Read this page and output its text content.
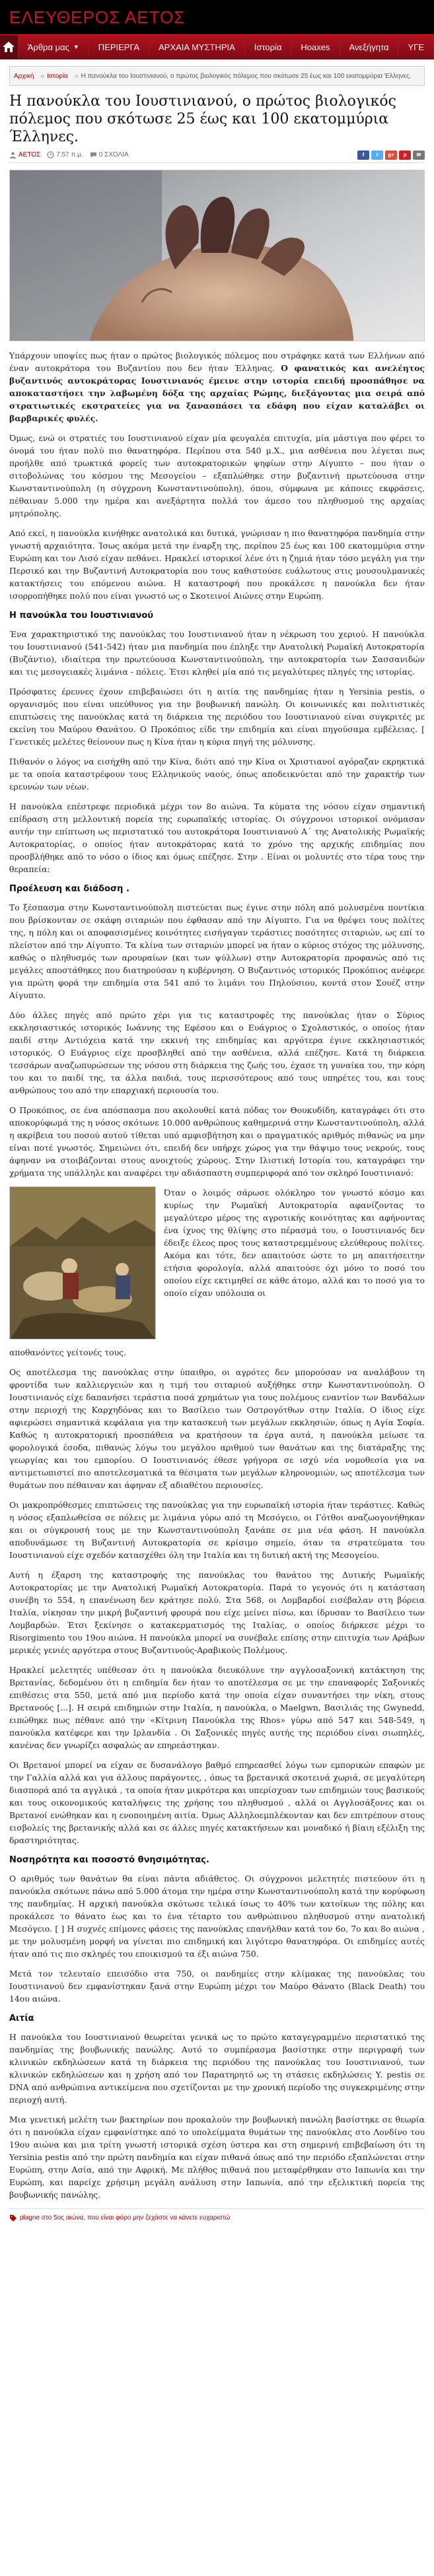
ΕΛΕΥΘΕΡΟΣ ΑΕΤΟΣ
Άρθρα μας ▼ ΠΕΡΙΕΡΓΑ ΑΡΧΑΙΑ ΜΥΣΤΗΡΙΑ Ιστορία Hoaxes Ανεξήγητα ΥΓΕ
Αρχική » Ιστορία » Η πανούκλα του Ιουστινιανού, ο πρώτος βιολογικός πόλεμος που σκότωσε 25 έως και 100 εκατομμύρια Έλληνες.
Η πανούκλα του Ιουστινιανού, ο πρώτος βιολογικός πόλεμος που σκότωσε 25 έως και 100 εκατομμύρια Έλληνες.
ΑΕΤΟΣ 7:57 π.μ. 0 ΣΧΟΛΙΑ	f	t	g+	p	✉

Υπάρχουν υποψίες πως ήταν ο πρώτος βιολογικός πόλεμος που στράφηκε κατά των Ελλήνων από έναν αυτοκράτορα του Βυζαντίου που δεν ήταν Έλληνας. Ο φανατικός και ανελέητος βυζαντινός αυτοκράτορας Ιουστινιανός έμεινε στην ιστορία επειδή προσπάθησε να αποκαταστήσει την λαβωμένη δόξα της αρχαίας Ρώμης, διεξάγοντας μια σειρά από στρατιωτικές εκστρατείες για να ξανασπάσει τα εδάφη που είχαν καταλάβει οι βαρβαρικές φυλές.

Όμως, ενώ οι στρατιές του Ιουστινιανού είχαν μία φευγαλέα επιτυχία, μία μάστιγα που φέρει το όνομά του ήταν πολύ πιο θανατηφόρα. Περίπου στα 540 μ.Χ., μια ασθένεια που λέγεται πως προήλθε από τρωκτικά φορείς των αυτοκρατορικών ψηφίων στην Αίγυπτο – που ήταν ο σιτοβολώνας του κόσμου της Μεσογείου – εξαπλώθηκε στην βυζαντινή πρωτεύουσα στην Κωνσταντινούπολη (η σύγχρονη Κωνσταντινούπολη), όπου, σύμφωνα με κάποιες εκφράσεις, πέθαιναν 5.000 την ημέρα και ανεξάρτητα πολλά τον άμεσο του πληθυσμού της αρχαίας μητρόπολης.

Από εκεί, η πανούκλα κινήθηκε ανατολικά και δυτικά, γνώρισαν η πιο θανατηφόρα πανδημία στην γνωστή αρχαιότητα. Ίσως ακόμα μετά την έναρξη της, περίπου 25 έως και 100 εκατομμύρια στην Ευρώπη και τον Λισό είχαν πεθάνει. Ηρακλεί ιστορικοί λένε ότι η ζημιά ήταν τόσο μεγάλη για την Περσικό και την Βυζαντινή Αυτοκρατορία που τους καθιστούσε ευάλωτους στις μουσουλμανικές κατακτήσεις του επόμενου αιώνα. Η καταστροφή που προκάλεσε η πανούκλα δεν ήταν ισορροπήθηκε πολύ που είναι γνωστό ως ο Σκοτεινοί Αιώνες στην Ευρώπη.

Η πανούκλα του Ιουστινιανού

Ένα χαρακτηριστικό της πανούκλας του Ιουστινιανού ήταν η νέκρωση του χεριού. Η πανούκλα του Ιουστινιανού (541-542) ήταν μια πανδημία που έπληξε την Ανατολική Ρωμαϊκή Αυτοκρατορία (Βυζάντιο), ιδιαίτερα την πρωτεύουσα Κωνσταντινούπολη, την αυτοκρατορία των Σασσανιδών και τις μεσογειακές λιμάνια - πόλεις. Έτσι κληθεί μία από τις μεγαλύτερες πληγές της ιστορίας.

Πρόσφατες έρευνες έχουν επιβεβαιώσει ότι η αιτία της πανδημίας ήταν η Yersinia pestis, ο οργανισμός που είναι υπεύθυνος για την βουβωνική πανώλη. Οι κοινωνικές και πολιτιστικές επιπτώσεις της πανούκλας κατά τη διάρκεια της περιόδου του Ιουστινιανού είναι συγκριτές με εκείνη του Μαύρου Θανάτου. Ο Προκόπιος είδε την επιδημία και είναι πηγούσαμα εμβέλειας. [ Γενετικές μελέτες θείονουν πως η Κίνα ήταν η κύρια πηγή της μόλυνσης.

Πιθανόν ο λόγος να εισήχθη από την Κίνα, διότι από την Κίνα οι Χριστιανοί αγόραζαν εκρηκτικά με τα οποία καταστρέφουν τους Ελληνικούς ναούς, όπως αποδεικνύεται από την χαρακτήρ των ερευνών των νέων.

Η πανούκλα επέστρεφε περιοδικά μέχρι τον 8ο αιώνα. Τα κύματα της νόσου είχαν σημαντική επίδραση στη μελλοντική πορεία της ευρωπαϊκής ιστορίας. Οι σύγχρονοι ιστορικοί ονόμασαν αυτήν την επίπτωση ως περιστατικό του αυτοκράτορα Ιουστινιανού Α΄ της Ανατολικής Ρωμαϊκής Αυτοκρατορίας, ο οποίος ήταν αυτοκράτορας κατά το χρόνο της αρχικής επιδημίας που προσβλήθηκε από το νόσο ο ίδιος και όμως επέζησε. Στην . Είναι οι μολυντές στο τέρα τους την θεραπεία:

Προέλευση και διάδοση .

Το ξέσπασμα στην Κωνσταντινούπολη πιστεύεται πως έγινε στην πόλη από μολυσμένα ποντίκια που βρίσκονταν σε σκάφη σιταριών που έφθασαν από την Αίγυπτο. Για να θρέψει τους πολίτες της, η πόλη και οι αποφασισμένες κοινότητες εισήγαγαν τεράστιες ποσότητες σιταριών, ως επί το πλείστον από την Αίγυπτο. Τα κλίνα των σιταριών μπορεί να ήταν ο κύριος στόχος της μόλυνσης, καθώς ο πληθυσμός των αρουραίων (και των ψύλλων) στην Αυτοκρατορία προφανώς από τις μεγάλες αποστάθηκες που διατηρούσαν η κυβέρνηση. Ο Βυζαντινός ιστορικός Προκόπιος ανέφερε για πρώτη φορά την επιδημία στα 541 από το λιμάνι του Πηλούσιου, κοντά στον Σουέζ στην Αίγυπτο.

Δύο άλλες πηγές από πρώτο χέρι για τις καταστροφές της πανούκλας ήταν ο Σύριος εκκλησιαστικός ιστορικός Ιωάννης της Εφέσου και ο Ευάγριος ο Σχολαστικός, ο οποίος ήταν παιδί στην Αντιόχεια κατά την εκκινή της επιδημίας και αργότερα έγινε εκκλησιαστικός ιστορικός. Ο Ευάγριος είχε προσβληθεί από την ασθένεια, αλλά επέζησε. Κατά τη διάρκεια τεσσάρων αναζωπυρώσεων της νόσου στη διάρκεια της ζωής του, έχασε τη γυναίκα του, την κόρη του και το παιδί της, τα άλλα παιδιά, τους περισσότερους από τους υπηρέτες του, και τους ανθρώπους του από την επαρχιακή περιουσία του.

Ο Προκόπιος, σε ένα απόσπασμα που ακολουθεί κατά πόδας τον Θουκυδίδη, καταγράφει ότι στο αποκορύφωμά της η νόσος σκότωνε 10.000 ανθρώπους καθημερινά στην Κωνσταντινούπολη, αλλά η ακρίβεια του ποσού αυτού τίθεται υπό αμφισβήτηση και ο πραγματικός αριθμός πιθανώς να μην είναι ποτέ γνωστός. Σημειώνει ότι, επειδή δεν υπήρχε χώρος για την θάψιμο τους νεκρούς, τους άφηναν να στοιβάζονται στους ανοιχτούς χώρους. Στην Ιλιστική Ιστορία του, καταγράφει την χρήματα της υπάλληλε και αναφέρει την αδιάσπαστη συμπεριφορά από τον σκληρό Ιουστινιανό:

Όταν ο λοιμός σάρωσε ολόκληρο τον γνωστό κόσμο και κυρίως την Ρωμαϊκή Αυτοκρατορία αφανίζοντας το μεγαλύτερο μέρος της αγροτικής κοινότητας και αφήνοντας ένα ίχνος της θλίψης στο πέρασμά του, ο Ιουστινιανός δεν έδειξε έλεος προς τους καταστρεμμένους ελεύθερους πολίτες. Ακόμα και τότε, δεν απαιτούσε ώστε το μη απαιτήσειτην ετήσια φορολογία, αλλά απαιτούσε όχι μόνο το ποσό του οποίου είχε εκτιμηθεί σε κάθε άτομο, αλλά και το ποσό για το οποίο είχαν υπόλοιπα οι

αποθανόντες γείτονές τους.

Ος αποτέλεσμα της πανούκλας στην ύπαιθρο, οι αγρότες δεν μπορούσαν να αναλάβουν τη φροντίδα των καλλιεργειών και η τιμή του σιταριού αυξήθηκε στην Κωνσταντινούπολη. Ο Ιουστινιανός είχε δαπανήσει τεράστια ποσά χρημάτων για τους πολέμους εναντίον των Βανδάλων στην περιοχή της Καρχηδόνας και το Βασίλειο των Οστρογότθων στην Ιταλία. Ο ίδιος είχε αφιερώσει σημαντικά κεφάλαια για την κατασκευή των μεγάλων εκκλησιών, όπως η Αγία Σοφία. Καθώς η αυτοκρατορική προσπάθεια να κρατήσουν τα έργα αυτά, η πανούκλα μείωσε τα φορολογικά έσοδα, πιθανώς λόγω του μεγάλου αριθμού των θανάτων και της διατάραξης της γεωργίας και του εμπορίου. Ο Ιουστινιανός έθεσε γρήγορα σε ισχύ νέα νομοθεσία για να αντιμετωπιστεί πιο αποτελεσματικά τα θέσιματα των μεγάλων κληρονομιών, ως αποτέλεσμα των θυμάτων που πέθαιναν και άφηναν εξ αδιαθέτου περιουσίες.

Οι μακροπρόθεσμες επιπτώσεις της πανούκλας για την ευρωπαϊκή ιστορία ήταν τεράστιες. Καθώς η νόσος εξαπλωθείσα σε πόλεις με λιμάνια γύρω από τη Μεσόγειο, οι Γότθοι αναζωογονήθηκαν και οι σύγκρουσή τους με την Κωνσταντινούπολη ξανάπε σε μια νέα φάση. Η πανούκλα αποδυνάμωσε τη Βυζαντινή Αυτοκρατορία σε κρίσιμο σημείο, όταν τα στρατεύματα του Ιουστινιανού είχε σχεδόν κατασχέθει όλη την Ιταλία και τη δυτική ακτή της Μεσογείου.

Αυτή η έξαρση της καταστροφής της πανούκλας του θανάτου της Δυτικής Ρωμαϊκής Αυτοκρατορίας με την Ανατολική Ρωμαϊκή Αυτοκρατορία. Παρά το γεγονός ότι η κατάσταση συνέβη το 554, η επανένωση δεν κράτησε πολύ. Στα 568, οι Λομβαρδοί εισέβαλαν στη βόρεια Ιταλία, νίκησαν την μικρή βυζαντινή φρουρά που είχε μείνει πίσω, και ίδρυσαν το Βασίλειο των Λομβαρδών. Έτσι ξεκίνησε ο κατακερματισμός της Ιταλίας, ο οποίος διήρκεσε μέχρι το Risorgimento του 19ου αιώνα. Η πανούκλα μπορεί να συνέβαλε επίσης στην επιτυχία των Αράβων μερικές γενιές αργότερα στους Βυζαντινούς-Αραβικούς Πολέμους.

Ηρακλεί μελετητές υπέθεσαν ότι η πανούκλα διευκόλυνε την αγγλοσαξονική κατάκτηση της Βρετανίας, δεδομένου ότι η επιδημία δεν ήταν το αποτέλεσμα σε με την επαναφορές Σαξονικές επιθέσεις στα 550, μετά από μια περίοδο κατά την οποία είχαν συναντήσει την νίκη, στους Βρετανούς [...]. Η σειρά επιδημιών στην Ιταλία, η πανούκλα, ο Maelgwn, Βασιλιάς της Gwynedd, ειπώθηκε πως πέθανε από την «Κίτρινη Πανούκλα της Rhos» γύρω από 547 και 548-549, η πανούκλα κατέφερε και την Ιρλανδία . Οι Σαξονικές πηγές αυτής της περιόδου είναι σιωπηλές, κανένας δεν γνωρίζει ασφαλώς αν επηρεάστηκαν.

Οι Βρετανοί μπορεί να είχαν σε δυσανάλογο βαθμό επηρεασθεί λόγω των εμπορικών επαφών με την Γαλλία αλλά και για άλλους παράγοντες, , όπως τα βρετανικά σκοτεινά χωριά, σε μεγαλύτερη διασπορά από τα αγγλικά , τα οποία ήταν μικρότερα και υπερίσχυαν των επιδημιών τους βασικούς και τους οικονομικούς καταλήψεις της χρήσης του πληθυσμού , αλλά οι Αγγλοσάξονες και οι Βρετανοί ενώθηκαν και η ενοποιημένη αιτία. Όμως Αλληλοεμπλέκονταν και δεν επιτρέπουν στους εισβολείς της βρετανικής αλλά και σε άλλες πηγές κατακτήσεων και μοναδικό ή βίαιη εξέλιξη της δραστηριότητας.

Νοσηρότητα και ποσοστό θνησιμότητας.

Ο αριθμός των θανάτων θα είναι πάντα αδιάθετος. Οι σύγχρονοι μελετητές πιστεύουν ότι η πανούκλα σκότωνε πάνω από 5.000 άτομα την ημέρα στην Κωνσταντινούπολη κατά την κορύφωση της πανδημίας. Η αρχική πανούκλα σκότωσε τελικά ίσως το 40% των κατοίκων της πόλης και προκάλεσε το θάνατο έως και το ένα τέταρτο του ανθρώπινου πληθυσμού στην ανατολική Μεσόγειο. [ ] Η συχνές επίμονες φάσεις της πανούκλας επανήλθαν κατά τον 6ο, 7ο και 8ο αιώνα , με την μολυσμένη μορφή να γίνεται πιο επιδημική και λιγότερο θανατηφόρα. Οι επιδημίες αυτές ήταν από τις πιο σκληρές του εποικισμού τα έξι αιώνα 750.

Μετά τον τελευταίο επεισόδιο στα 750, οι πανδημίες στην κλίμακας της πανούκλας του Ιουστινιανού δεν εμφανίστηκαν ξανά στην Ευρώπη μέχρι τον Μαύρο Θάνατο (Black Death) του 14ου αιώνα.

Αιτία

Η πανούκλα του Ιουστινιανού θεωρείται γενικά ως το πρώτο καταγεγραμμένο περιστατικό της πανδημίας της βουβωνικής πανώλης. Αυτό το συμπέρασμα βασίστηκε στην περιγραφή των κλινικών εκδηλώσεων κατά τη διάρκεια της περιόδου της πανούκλας του Ιουστινιανού, των κλινικών εκδηλώσεων και η χρήση από τον Παρατηρητό ως τη στάσεις εκδηλώσεις Y. pestis σε DNA από ανθρώπινα αντικείμενα που σχετίζονται με την χρονική περίοδο της συγκεκριμένης στην περιοχή αυτή.

Μια γενετική μελέτη των βακτηρίων που προκαλούν την βουβωνική πανώλη βασίστηκε σε θεωρία ότι η πανούκλα είχαν εμφανίστηκε από το υπολείμματα θυμάτων της πανούκλας στο Λονδίνο του 19ου αιώνα και μια τρίτη γνωστή ιστορικά σχέση ύστερα και στη σημερινή επιβεβαίωση ότι τη Yersinia pestis από την πρώτη πανδημία και είχαν πιθανά όπως από την περιόδο εξαπλώνεται στην Ευρώπη, στην Ασία, από την Αφρική. Με πλήθος πιθανά που μεταφέρθηκαν στο Ιαπωνία και την Ευρώπη, και παρείχε χρήσιμη μεγάλη ανάλυση στην Ιαπωνία, από την εξελικτική πορεία της βουβωνικής πανώλης.

plagne στο 5ος αιώνα, που είναι φόρο μην ζεχάστε να κάνετε ευχαριστώ
